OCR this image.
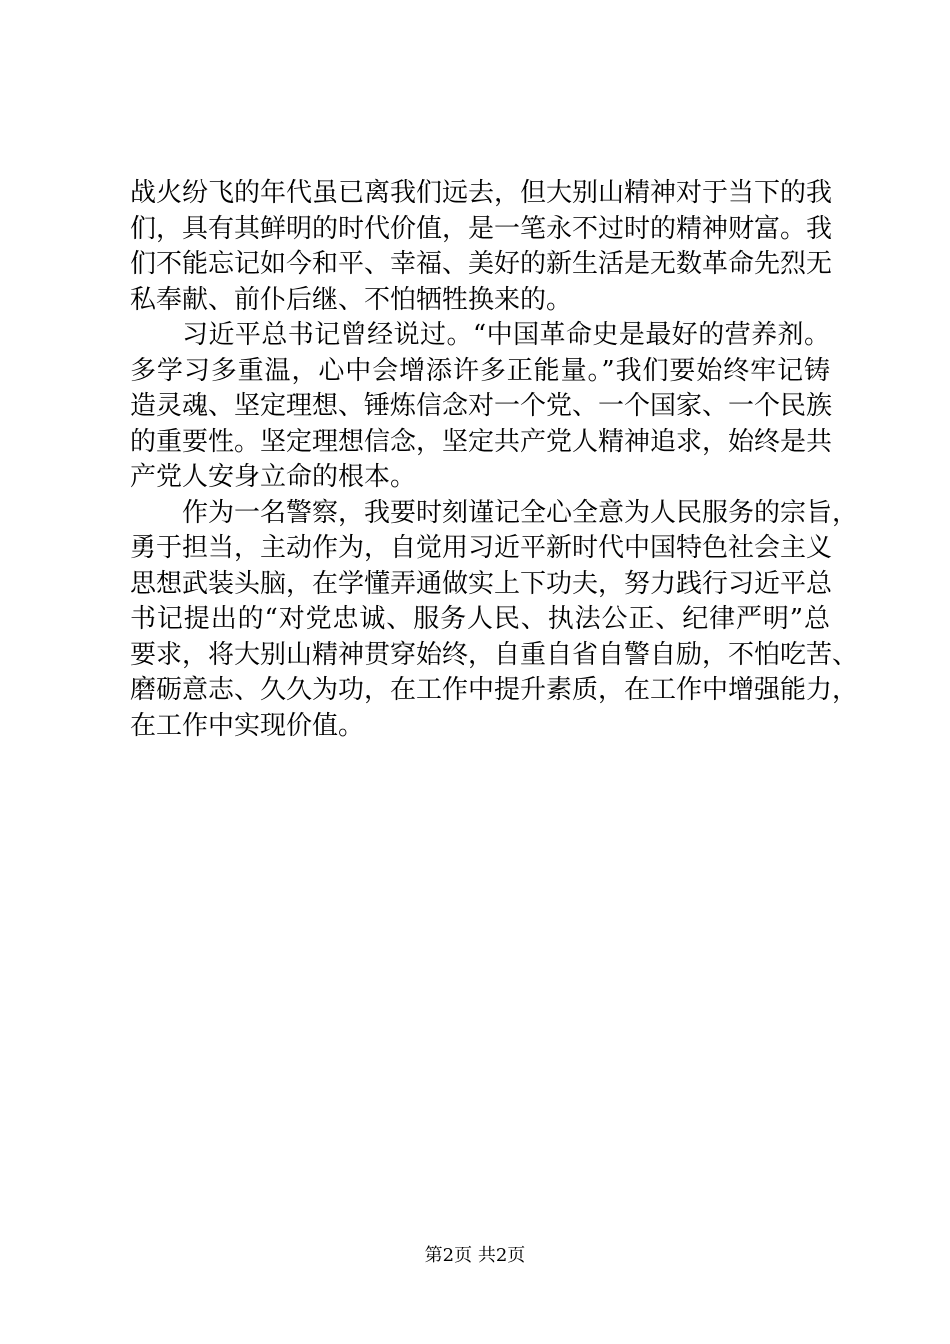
战火纷飞的年代虽已离我们远去，但大别山精神对于当下的我
们，具有其鲜明的时代价值，是一笔永不过时的精神财富。我
们不能忘记如今和平、幸福、美好的新生活是无数革命先烈无
私奉献、前仆后继、不怕牺牲换来的。
习近平总书记曾经说过。“中国革命史是最好的营养剂。
多学习多重温，心中会增添许多正能量。”我们要始终牢记铸
造灵魂、坚定理想、锤炼信念对一个党、一个国家、一个民族
的重要性。坚定理想信念，坚定共产党人精神追求，始终是共
产党人安身立命的根本。
作为一名警察，我要时刻谨记全心全意为人民服务的宗旨，
勇于担当，主动作为，自觉用习近平新时代中国特色社会主义
思想武装头脑，在学懂弄通做实上下功夫，努力践行习近平总
书记提出的“对党忠诚、服务人民、执法公正、纪律严明”总
要求，将大别山精神贯穿始终，自重自省自警自励，不怕吃苦、
磨砺意志、久久为功，在工作中提升素质，在工作中增强能力，
在工作中实现价值。
第2页 共2页
